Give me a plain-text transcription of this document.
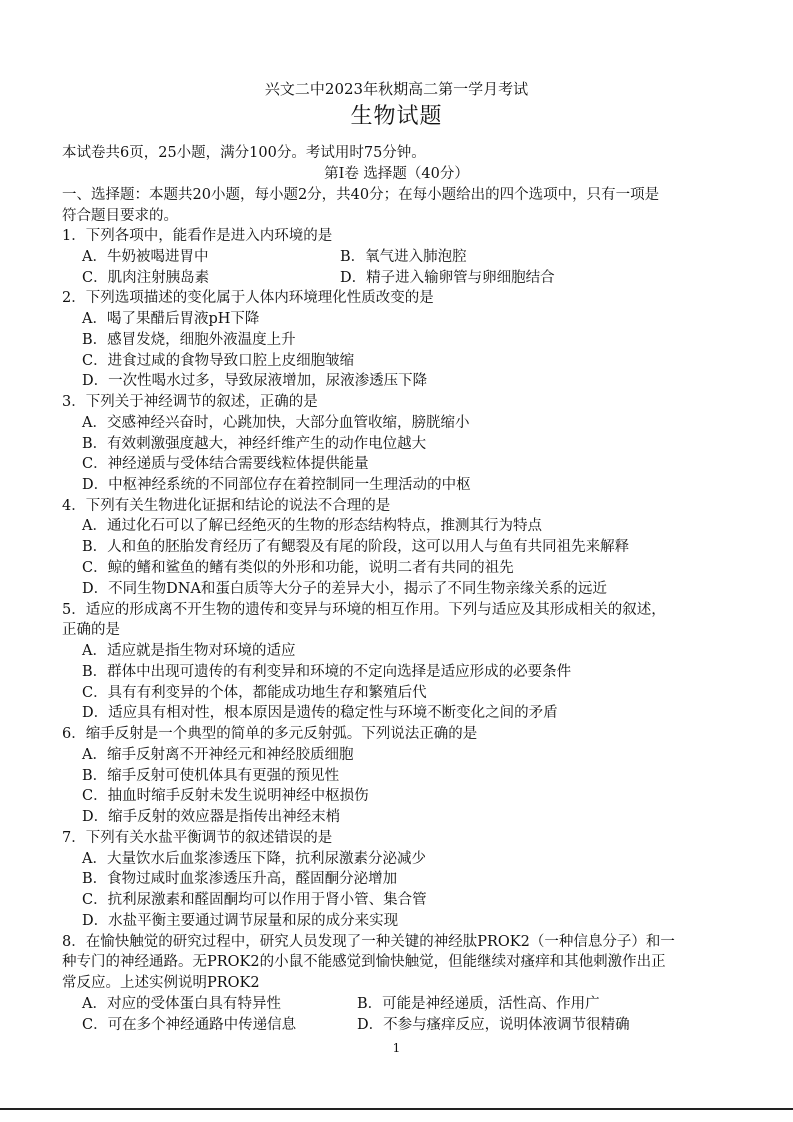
兴文二中2023年秋期高二第一学月考试
生物试题
本试卷共6页，25小题，满分100分。考试用时75分钟。
第I卷 选择题（40分）
一、选择题：本题共20小题，每小题2分，共40分；在每小题给出的四个选项中，只有一项是
符合题目要求的。
1．下列各项中，能看作是进入内环境的是
A．牛奶被喝进胃中	B．氧气进入肺泡腔
C．肌肉注射胰岛素	D．精子进入输卵管与卵细胞结合
2．下列选项描述的变化属于人体内环境理化性质改变的是
A．喝了果醋后胃液pH下降
B．感冒发烧，细胞外液温度上升
C．进食过咸的食物导致口腔上皮细胞皱缩
D．一次性喝水过多，导致尿液增加，尿液渗透压下降
3．下列关于神经调节的叙述，正确的是
A．交感神经兴奋时，心跳加快，大部分血管收缩，膀胱缩小
B．有效刺激强度越大，神经纤维产生的动作电位越大
C．神经递质与受体结合需要线粒体提供能量
D．中枢神经系统的不同部位存在着控制同一生理活动的中枢
4．下列有关生物进化证据和结论的说法不合理的是
A．通过化石可以了解已经绝灭的生物的形态结构特点，推测其行为特点
B．人和鱼的胚胎发育经历了有鳃裂及有尾的阶段，这可以用人与鱼有共同祖先来解释
C．鲸的鳍和鲨鱼的鳍有类似的外形和功能，说明二者有共同的祖先
D．不同生物DNA和蛋白质等大分子的差异大小，揭示了不同生物亲缘关系的远近
5．适应的形成离不开生物的遗传和变异与环境的相互作用。下列与适应及其形成相关的叙述，
正确的是
A．适应就是指生物对环境的适应
B．群体中出现可遗传的有利变异和环境的不定向选择是适应形成的必要条件
C．具有有利变异的个体，都能成功地生存和繁殖后代
D．适应具有相对性，根本原因是遗传的稳定性与环境不断变化之间的矛盾
6．缩手反射是一个典型的简单的多元反射弧。下列说法正确的是
A．缩手反射离不开神经元和神经胶质细胞
B．缩手反射可使机体具有更强的预见性
C．抽血时缩手反射未发生说明神经中枢损伤
D．缩手反射的效应器是指传出神经末梢
7．下列有关水盐平衡调节的叙述错误的是
A．大量饮水后血浆渗透压下降，抗利尿激素分泌减少
B．食物过咸时血浆渗透压升高，醛固酮分泌增加
C．抗利尿激素和醛固酮均可以作用于肾小管、集合管
D．水盐平衡主要通过调节尿量和尿的成分来实现
8．在愉快触觉的研究过程中，研究人员发现了一种关键的神经肽PROK2（一种信息分子）和一
种专门的神经通路。无PROK2的小鼠不能感觉到愉快触觉，但能继续对瘙痒和其他刺激作出正
常反应。上述实例说明PROK2
A．对应的受体蛋白具有特异性	B．可能是神经递质，活性高、作用广
C．可在多个神经通路中传递信息	D．不参与瘙痒反应，说明体液调节很精确
1
